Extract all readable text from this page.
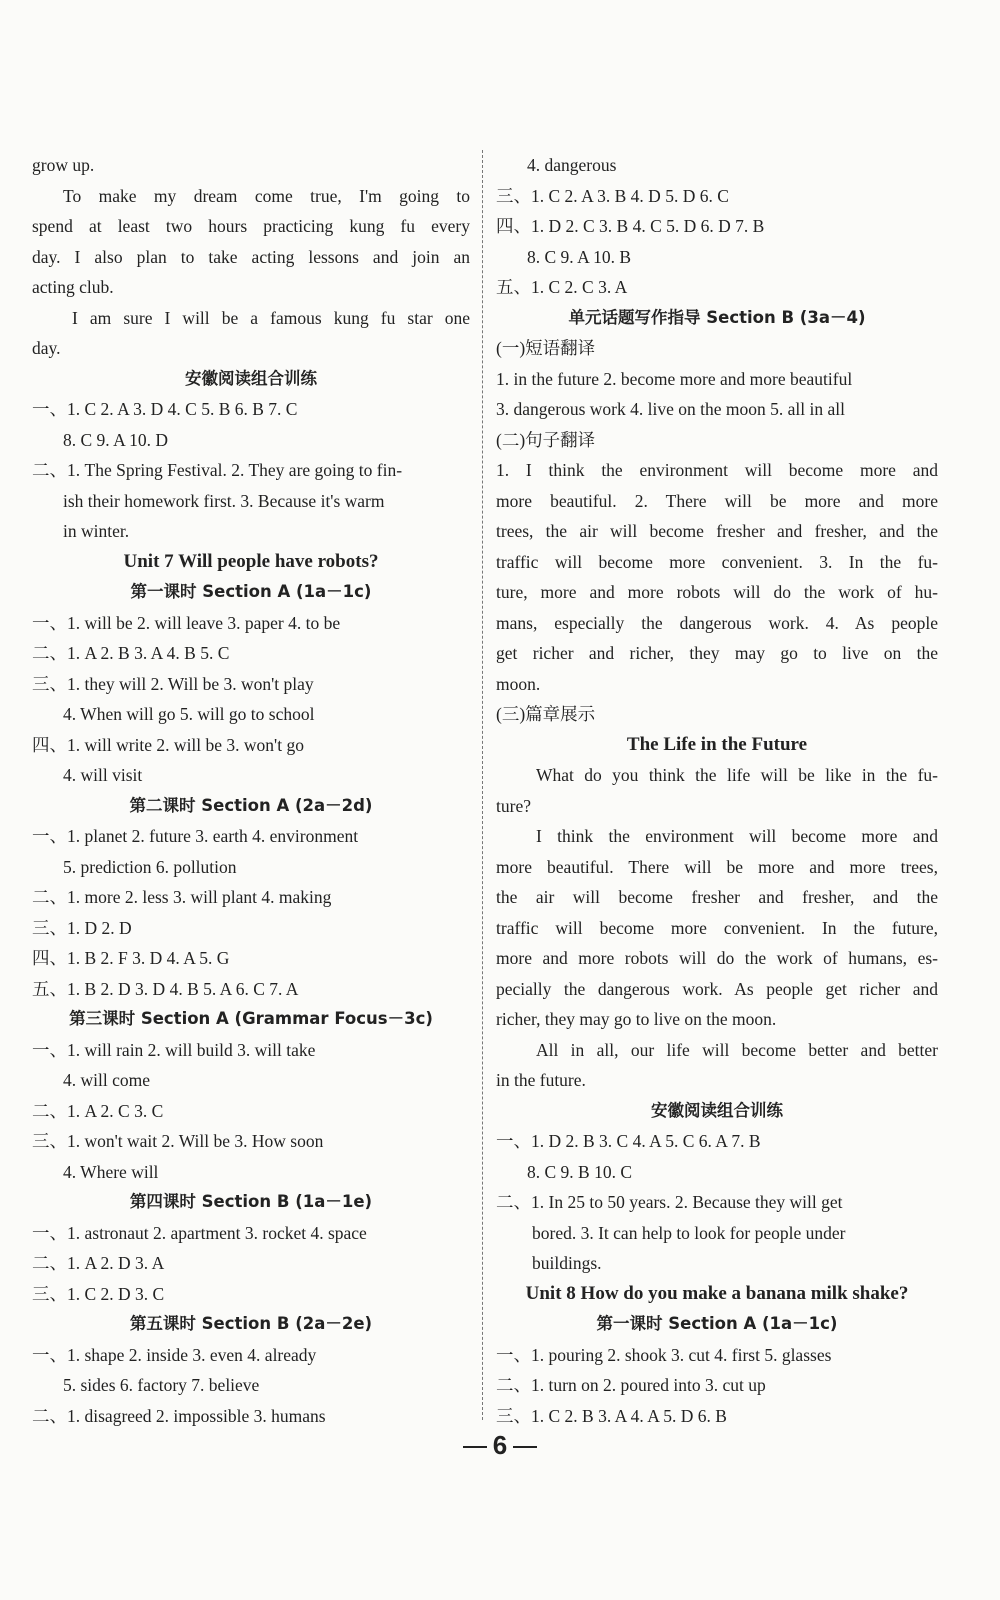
grow up.
To make my dream come true, I'm going to
spend at least two hours practicing kung fu every
day. I also plan to take acting lessons and join an
acting club.
I am sure I will be a famous kung fu star one
day.
安徽阅读组合训练
一、1. C 2. A 3. D 4. C 5. B 6. B 7. C
8. C 9. A 10. D
二、1. The Spring Festival. 2. They are going to fin-
ish their homework first. 3. Because it's warm
in winter.
Unit 7 Will people have robots?
第一课时 Section A (1a－1c)
一、1. will be 2. will leave 3. paper 4. to be
二、1. A 2. B 3. A 4. B 5. C
三、1. they will 2. Will be 3. won't play
4. When will go 5. will go to school
四、1. will write 2. will be 3. won't go
4. will visit
第二课时 Section A (2a－2d)
一、1. planet 2. future 3. earth 4. environment
5. prediction 6. pollution
二、1. more 2. less 3. will plant 4. making
三、1. D 2. D
四、1. B 2. F 3. D 4. A 5. G
五、1. B 2. D 3. D 4. B 5. A 6. C 7. A
第三课时 Section A (Grammar Focus－3c)
一、1. will rain 2. will build 3. will take
4. will come
二、1. A 2. C 3. C
三、1. won't wait 2. Will be 3. How soon
4. Where will
第四课时 Section B (1a－1e)
一、1. astronaut 2. apartment 3. rocket 4. space
二、1. A 2. D 3. A
三、1. C 2. D 3. C
第五课时 Section B (2a－2e)
一、1. shape 2. inside 3. even 4. already
5. sides 6. factory 7. believe
二、1. disagreed 2. impossible 3. humans
4. dangerous
三、1. C 2. A 3. B 4. D 5. D 6. C
四、1. D 2. C 3. B 4. C 5. D 6. D 7. B
8. C 9. A 10. B
五、1. C 2. C 3. A
单元话题写作指导 Section B (3a－4)
(一)短语翻译
1. in the future 2. become more and more beautiful
3. dangerous work 4. live on the moon 5. all in all
(二)句子翻译
1. I think the environment will become more and
more beautiful. 2. There will be more and more
trees, the air will become fresher and fresher, and the
traffic will become more convenient. 3. In the fu-
ture, more and more robots will do the work of hu-
mans, especially the dangerous work. 4. As people
get richer and richer, they may go to live on the
moon.
(三)篇章展示
The Life in the Future
What do you think the life will be like in the fu-
ture?
I think the environment will become more and
more beautiful. There will be more and more trees,
the air will become fresher and fresher, and the
traffic will become more convenient. In the future,
more and more robots will do the work of humans, es-
pecially the dangerous work. As people get richer and
richer, they may go to live on the moon.
All in all, our life will become better and better
in the future.
安徽阅读组合训练
一、1. D 2. B 3. C 4. A 5. C 6. A 7. B
8. C 9. B 10. C
二、1. In 25 to 50 years. 2. Because they will get
bored. 3. It can help to look for people under
buildings.
Unit 8 How do you make a banana milk shake?
第一课时 Section A (1a－1c)
一、1. pouring 2. shook 3. cut 4. first 5. glasses
二、1. turn on 2. poured into 3. cut up
三、1. C 2. B 3. A 4. A 5. D 6. B
6
